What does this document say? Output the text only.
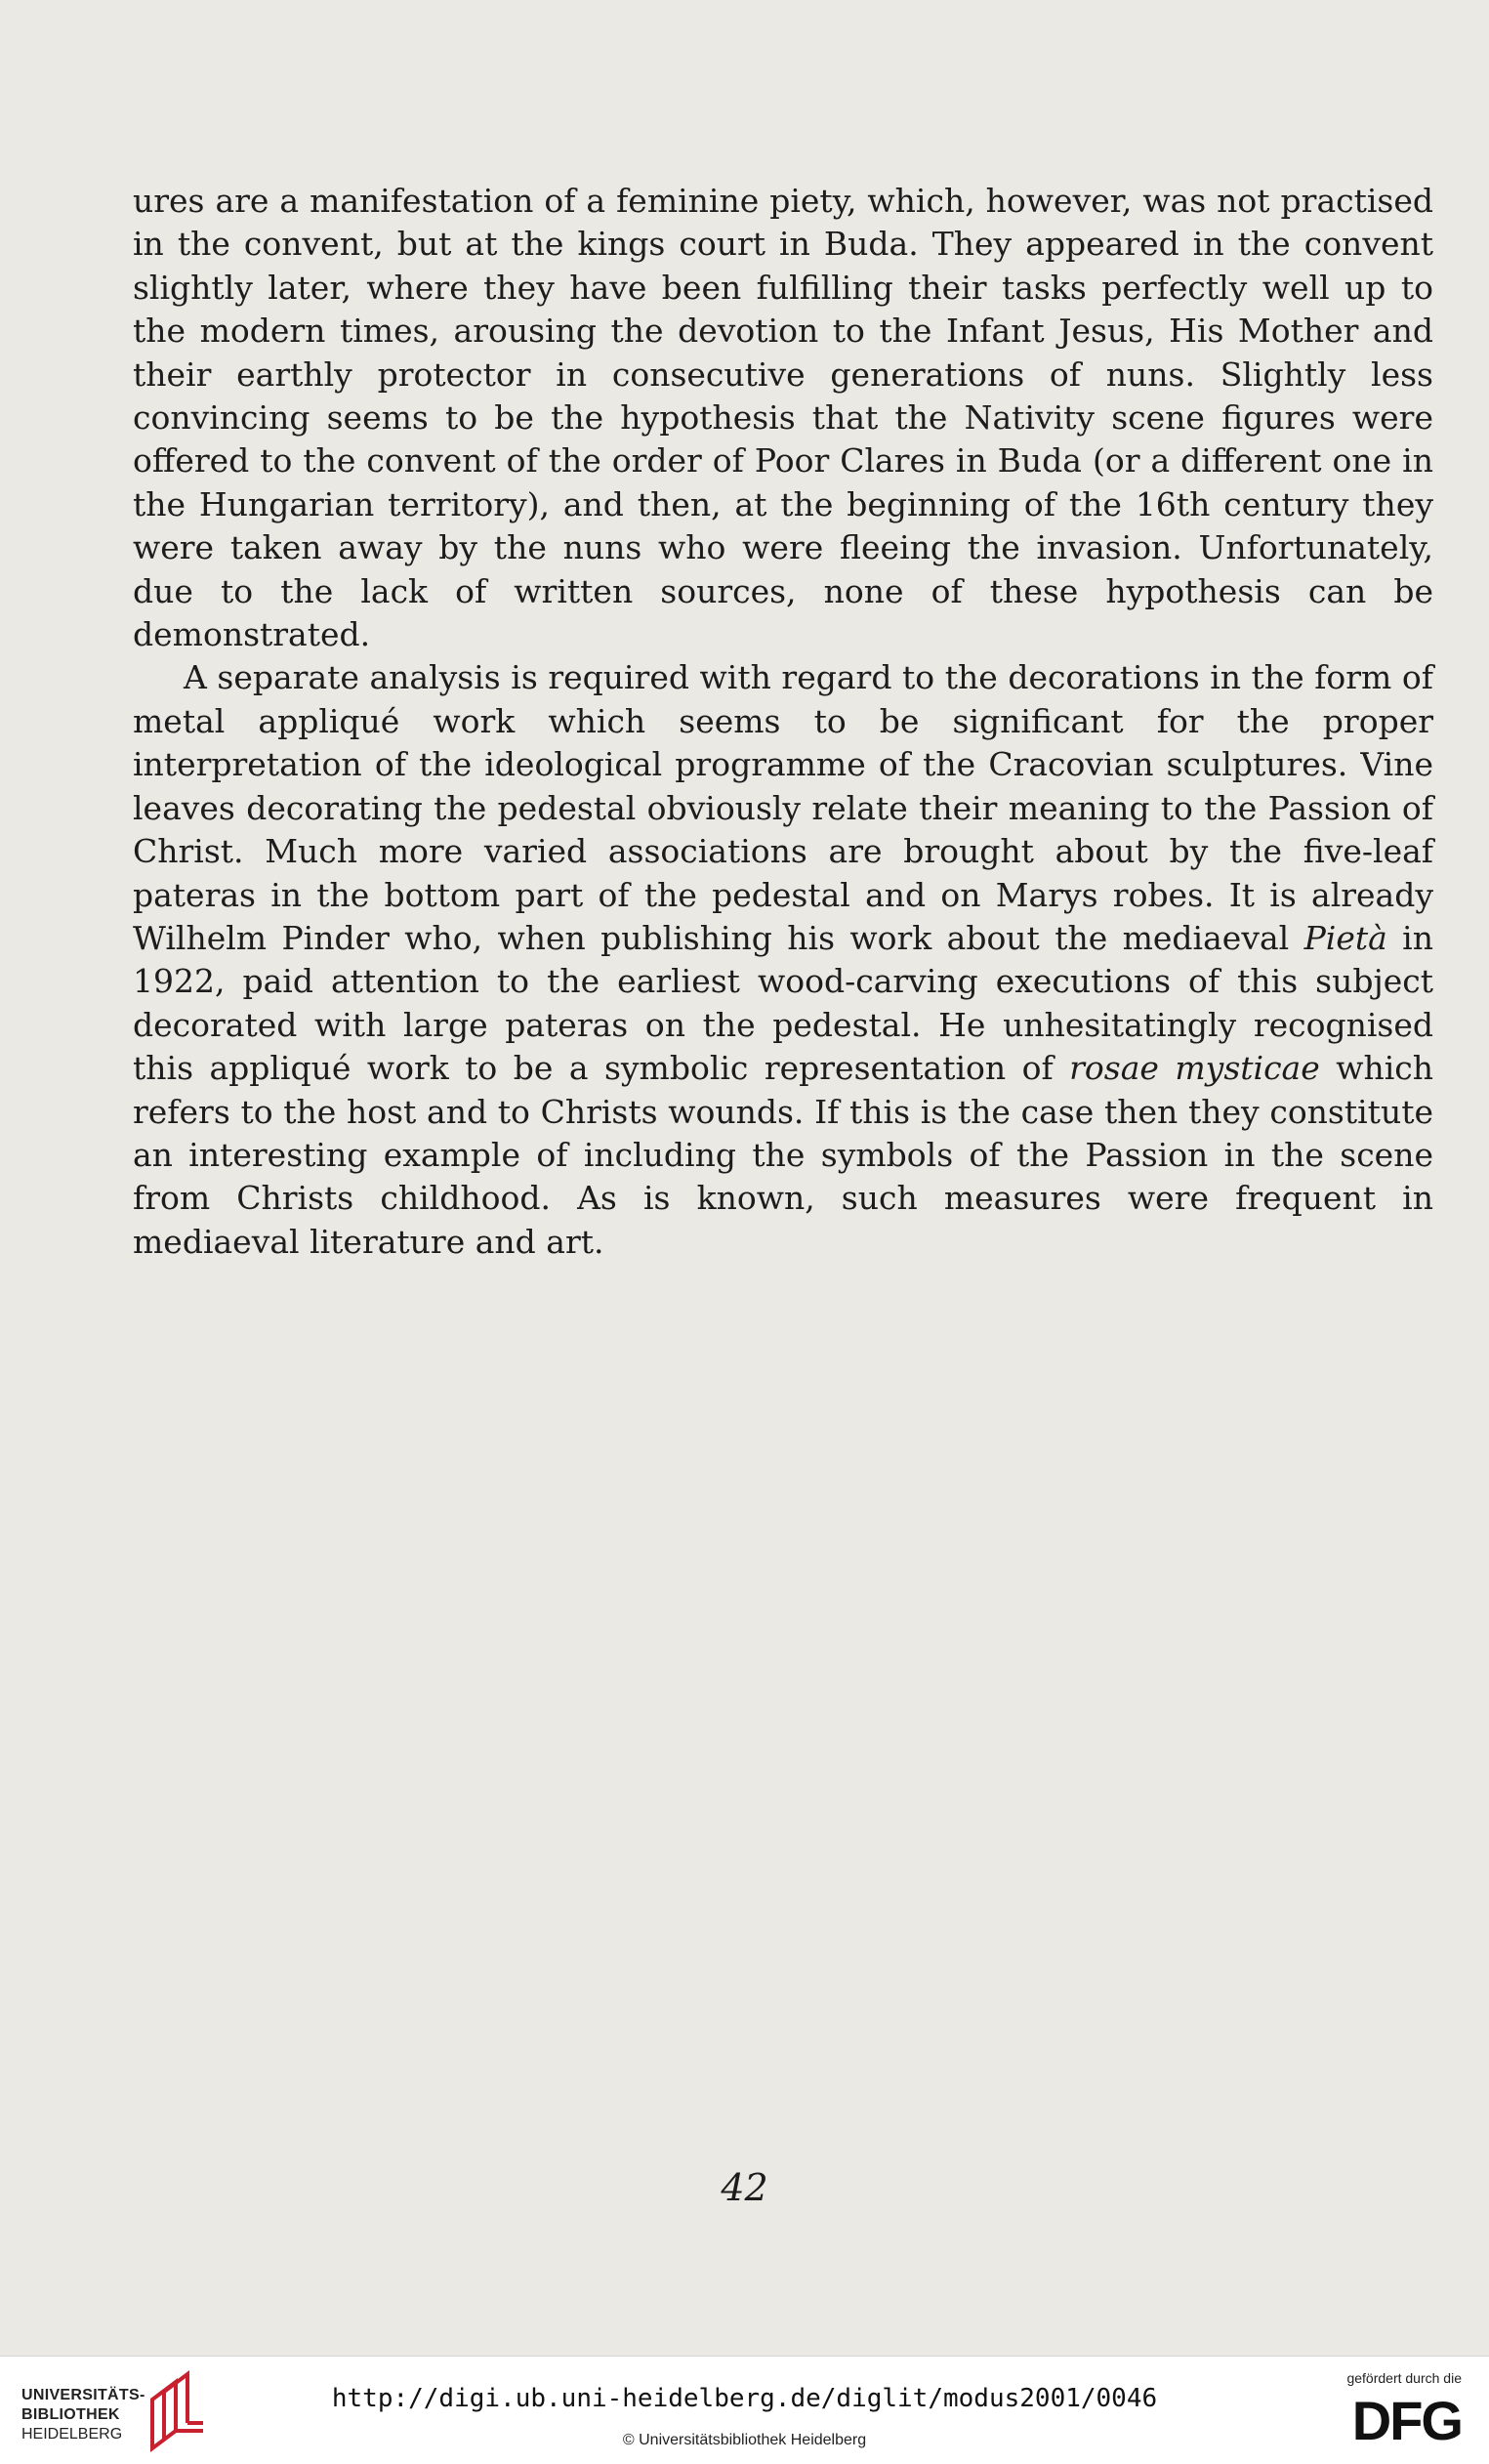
ures are a manifestation of a feminine piety, which, however, was not practised in the convent, but at the kings court in Buda. They appeared in the convent slightly later, where they have been fulfilling their tasks perfectly well up to the modern times, arousing the devotion to the Infant Jesus, His Mother and their earthly protector in consecutive generations of nuns. Slightly less convincing seems to be the hypothesis that the Nativity scene figures were offered to the convent of the order of Poor Clares in Buda (or a different one in the Hungarian territory), and then, at the beginning of the 16th century they were taken away by the nuns who were fleeing the invasion. Unfortunately, due to the lack of written sources, none of these hypothesis can be demonstrated.

A separate analysis is required with regard to the decorations in the form of metal appliqué work which seems to be significant for the proper interpretation of the ideological programme of the Cracovian sculptures. Vine leaves decorating the pedestal obviously relate their meaning to the Passion of Christ. Much more varied associations are brought about by the five-leaf pateras in the bottom part of the pedestal and on Marys robes. It is already Wilhelm Pinder who, when publishing his work about the mediaeval Pietà in 1922, paid attention to the earliest wood-carving executions of this subject decorated with large pateras on the pedestal. He unhesitatingly recognised this appliqué work to be a symbolic representation of rosae mysticae which refers to the host and to Christs wounds. If this is the case then they constitute an interesting example of including the symbols of the Passion in the scene from Christs childhood. As is known, such measures were frequent in mediaeval literature and art.

42
UNIVERSITÄTS-
BIBLIOTHEK
HEIDELBERG
http://digi.ub.uni-heidelberg.de/diglit/modus2001/0046
© Universitätsbibliothek Heidelberg
gefördert durch die
DFG
